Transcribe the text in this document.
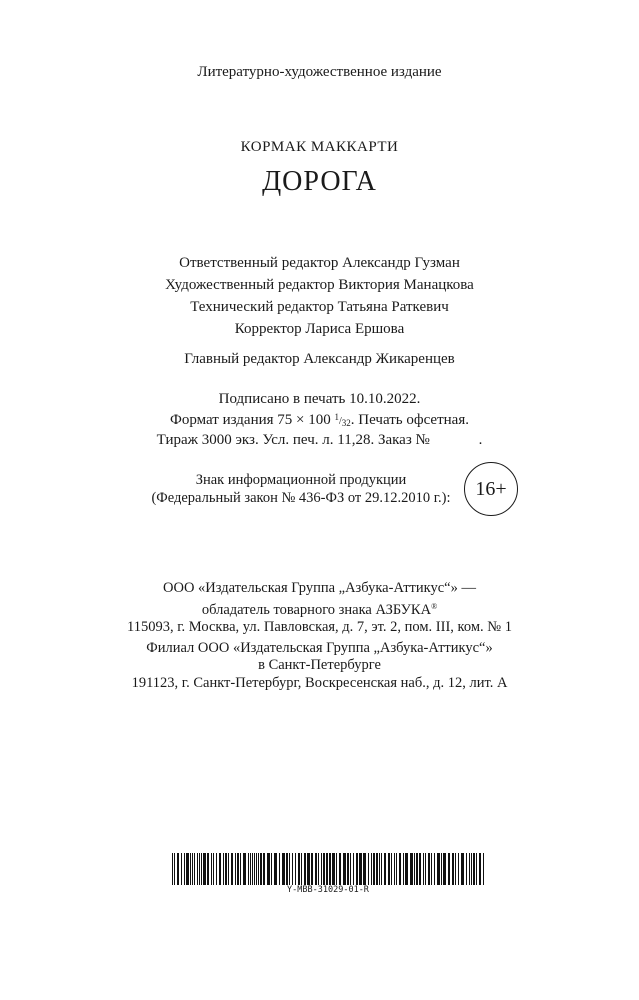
Литературно-художественное издание
КОРМАК МАККАРТИ
ДОРОГА
Ответственный редактор Александр Гузман
Художественный редактор Виктория Манацкова
Технический редактор Татьяна Раткевич
Корректор Лариса Ершова
Главный редактор Александр Жикаренцев
Подписано в печать 10.10.2022.
Формат издания 75 × 100 $^1/_{32}$. Печать офсетная.
Тираж 3000 экз. Усл. печ. л. 11,28. Заказ №             .
Знак информационной продукции
(Федеральный закон № 436-ФЗ от 29.12.2010 г.):	16+
ООО «Издательская Группа „Азбука-Аттикус“» —
обладатель товарного знака АЗБУКА®
115093, г. Москва, ул. Павловская, д. 7, эт. 2, пом. III, ком. № 1
Филиал ООО «Издательская Группа „Азбука-Аттикус“»
в Санкт-Петербурге
191123, г. Санкт-Петербург, Воскресенская наб., д. 12, лит. А
Y-MBB-31029-01-R
